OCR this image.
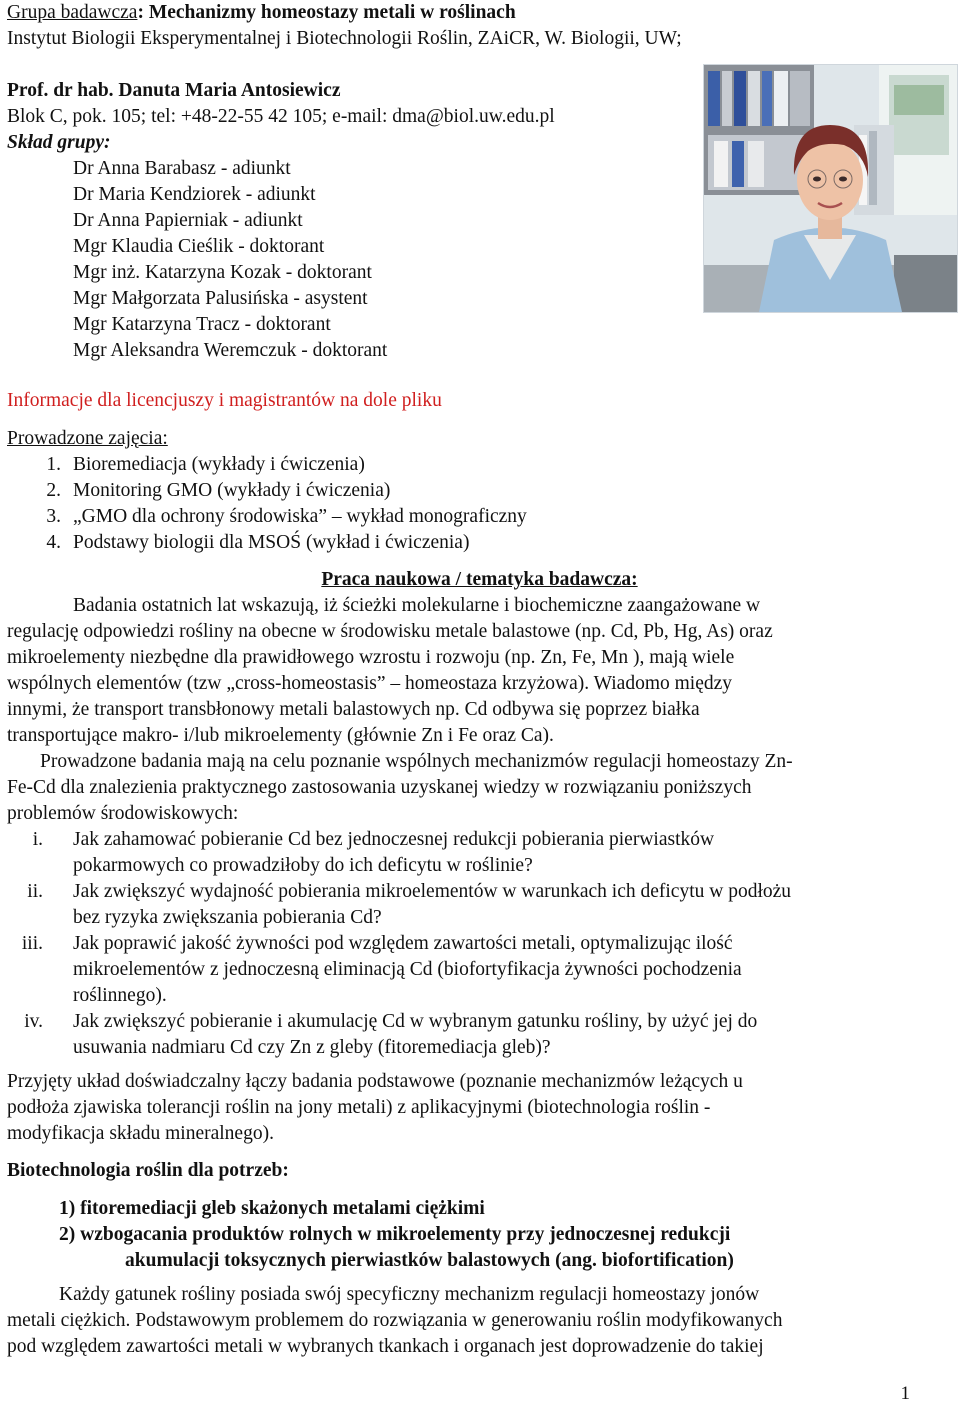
Grupa badawcza: Mechanizmy homeostazy metali w roślinach
Instytut Biologii Eksperymentalnej i Biotechnologii Roślin, ZAiCR, W. Biologii, UW;
Prof. dr hab. Danuta Maria Antosiewicz
Blok C, pok. 105; tel: +48-22-55 42 105; e-mail: dma@biol.uw.edu.pl
Skład grupy:
Dr Anna Barabasz - adiunkt
Dr Maria Kendziorek - adiunkt
Dr Anna Papierniak - adiunkt
Mgr Klaudia Cieślik - doktorant
Mgr inż. Katarzyna Kozak - doktorant
Mgr Małgorzata Palusińska - asystent
Mgr Katarzyna Tracz - doktorant
Mgr Aleksandra Weremczuk - doktorant
Informacje dla licencjuszy i magistrantów na dole pliku
Prowadzone zajęcia:
1. Bioremediacja (wykłady i ćwiczenia)
2. Monitoring GMO (wykłady i ćwiczenia)
3. „GMO dla ochrony środowiska” – wykład monograficzny
4. Podstawy biologii dla MSOŚ (wykład i ćwiczenia)
Praca naukowa / tematyka badawcza:
Badania ostatnich lat wskazują, iż ścieżki molekularne i biochemiczne zaangażowane w
regulację odpowiedzi rośliny na obecne w środowisku metale balastowe (np. Cd, Pb, Hg, As) oraz
mikroelementy niezbędne dla prawidłowego wzrostu i rozwoju (np. Zn, Fe, Mn ), mają wiele
wspólnych elementów (tzw „cross-homeostasis” – homeostaza krzyżowa). Wiadomo między
innymi, że transport transbłonowy metali balastowych np. Cd odbywa się poprzez białka
transportujące makro- i/lub mikroelementy (głównie Zn i Fe oraz Ca).
Prowadzone badania mają na celu poznanie wspólnych mechanizmów regulacji homeostazy Zn-
Fe-Cd dla znalezienia praktycznego zastosowania uzyskanej wiedzy w rozwiązaniu poniższych
problemów środowiskowych:
i. Jak zahamować pobieranie Cd bez jednoczesnej redukcji pobierania pierwiastków
pokarmowych co prowadziłoby do ich deficytu w roślinie?
ii. Jak zwiększyć wydajność pobierania mikroelementów w warunkach ich deficytu w podłożu
bez ryzyka zwiększania pobierania Cd?
iii. Jak poprawić jakość żywności pod względem zawartości metali, optymalizując ilość
mikroelementów z jednoczesną eliminacją Cd (biofortyfikacja żywności pochodzenia
roślinnego).
iv. Jak zwiększyć pobieranie i akumulację Cd w wybranym gatunku rośliny, by użyć jej do
usuwania nadmiaru Cd czy Zn z gleby (fitoremediacja gleb)?
Przyjęty układ doświadczalny łączy badania podstawowe (poznanie mechanizmów leżących u
podłoża zjawiska tolerancji roślin na jony metali) z aplikacyjnymi (biotechnologia roślin -
modyfikacja składu mineralnego).
Biotechnologia roślin dla potrzeb:
1) fitoremediacji gleb skażonych metalami ciężkimi
2) wzbogacania produktów rolnych w mikroelementy przy jednoczesnej redukcji
akumulacji toksycznych pierwiastków balastowych (ang. biofortification)
Każdy gatunek rośliny posiada swój specyficzny mechanizm regulacji homeostazy jonów
metali ciężkich. Podstawowym problemem do rozwiązania w generowaniu roślin modyfikowanych
pod względem zawartości metali w wybranych tkankach i organach jest doprowadzenie do takiej
1
